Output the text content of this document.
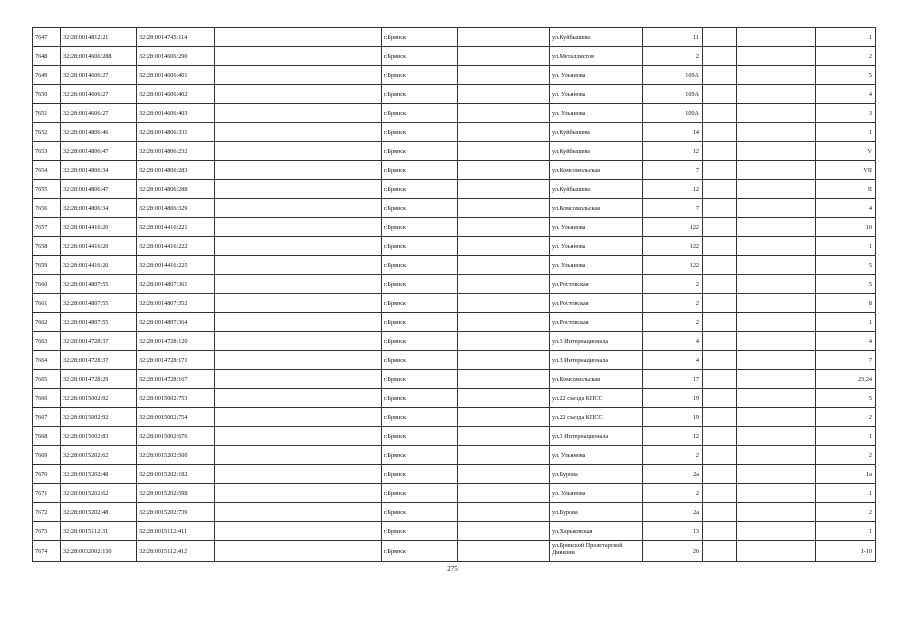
7647	32:28:0014812:21	32:28:0014745:114		г.Брянск		ул.Куйбышева	11			1
7648	32:28:0014606:288	32:28:0014606:290		г.Брянск		ул.Металлистов	2			2
7649	32:28:0014606:27	32:28:0014606:401		г.Брянск		ул. Ульянова	109А			5
7650	32:28:0014606:27	32:28:0014606:402		г.Брянск		ул. Ульянова	109А			4
7651	32:28:0014606:27	32:28:0014606:403		г.Брянск		ул. Ульянова	109А			3
7652	32:28:0014806:46	32:28:0014806:331		г.Брянск		ул.Куйбышева	14			1
7653	32:28:0014806:47	32:28:0014806:232		г.Брянск		ул.Куйбышева	12			V
7654	32:28:0014806:34	32:28:0014806:283		г.Брянск		ул.Комсомольская	7			VII
7655	32:28:0014806:47	32:28:0014806:288		г.Брянск		ул.Куйбышева	12			II
7656	32:28:0014806:34	32:28:0014806:329		г.Брянск		ул.Комсомольская	7			4
7657	32:28:0014416:20	32:28:0014416:221		г.Брянск		ул. Ульянова	122			10
7658	32:28:0014416:20	32:28:0014416:222		г.Брянск		ул. Ульянова	122			1
7659	32:28:0014416:20	32:28:0014416:225		г.Брянск		ул. Ульянова	122			5
7660	32:28:0014807:55	32:28:0014807:361		г.Брянск		ул.Ростовская	2			5
7661	32:28:0014807:55	32:28:0014807:352		г.Брянск		ул.Ростовская	2			8
7662	32:28:0014807:55	32:28:0014807:364		г.Брянск		ул.Ростовская	2			1
7663	32:28:0014728:37	32:28:0014728:120		г.Брянск		ул.3 Интернационала	4			4
7664	32:28:0014728:37	32:28:0014728:171		г.Брянск		ул.3 Интернационала	4			7
7665	32:28:0014728:29	32:28:0014728:167		г.Брянск		ул.Комсомольская	17			23,24
7666	32:28:0015002:92	32:28:0015002:753		г.Брянск		ул.22 съезда КПСС	19			5
7667	32:28:0015002:92	32:28:0015002:754		г.Брянск		ул.22 съезда КПСС	19			2
7668	32:28:0015002:83	32:28:0015002:676		г.Брянск		ул.3 Интернационала	12			1
7669	32:28:0015202:62	32:28:0015202:500		г.Брянск		ул. Ульянова	2			2
7670	32:28:0015202:48	32:28:0015202:182		г.Брянск		ул.Бурова	2а			1а
7671	32:28:0015202:62	32:28:0015202:598		г.Брянск		ул. Ульянова	2			1
7672	32:28:0015202:48	32:28:0015202:739		г.Брянск		ул.Бурова	2а			2
7673	32:28:0015112:31	32:28:0015112:411		г.Брянск		ул.Харьковская	13			1
7674	32:28:0032002:130	32:28:0015112:412		г.Брянск		ул.Брянской Пролетарской Дивизии	26			1-10
275
